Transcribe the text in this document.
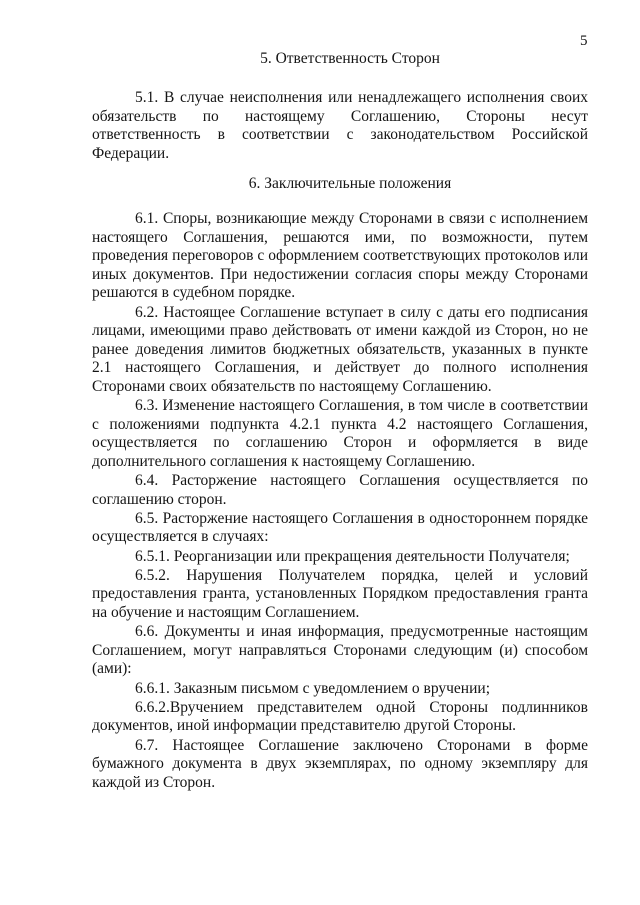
5
5. Ответственность Сторон

5.1. В случае неисполнения или ненадлежащего исполнения своих обязательств по настоящему Соглашению, Стороны несут ответственность в соответствии с законодательством Российской Федерации.

6. Заключительные положения

6.1. Споры, возникающие между Сторонами в связи с исполнением настоящего Соглашения, решаются ими, по возможности, путем проведения переговоров с оформлением соответствующих протоколов или иных документов. При недостижении согласия споры между Сторонами решаются в судебном порядке.

6.2. Настоящее Соглашение вступает в силу с даты его подписания лицами, имеющими право действовать от имени каждой из Сторон, но не ранее доведения лимитов бюджетных обязательств, указанных в пункте 2.1 настоящего Соглашения, и действует до полного исполнения Сторонами своих обязательств по настоящему Соглашению.

6.3. Изменение настоящего Соглашения, в том числе в соответствии с положениями подпункта 4.2.1 пункта 4.2 настоящего Соглашения, осуществляется по соглашению Сторон и оформляется в виде дополнительного соглашения к настоящему Соглашению.

6.4. Расторжение настоящего Соглашения осуществляется по соглашению сторон.

6.5. Расторжение настоящего Соглашения в одностороннем порядке осуществляется в случаях:

6.5.1. Реорганизации или прекращения деятельности Получателя;

6.5.2. Нарушения Получателем порядка, целей и условий предоставления гранта, установленных Порядком предоставления гранта на обучение и настоящим Соглашением.

6.6. Документы и иная информация, предусмотренные настоящим Соглашением, могут направляться Сторонами следующим (и) способом (ами):

6.6.1. Заказным письмом с уведомлением о вручении;

6.6.2.Вручением представителем одной Стороны подлинников документов, иной информации представителю другой Стороны.

6.7. Настоящее Соглашение заключено Сторонами в форме бумажного документа в двух экземплярах, по одному экземпляру для каждой из Сторон.
